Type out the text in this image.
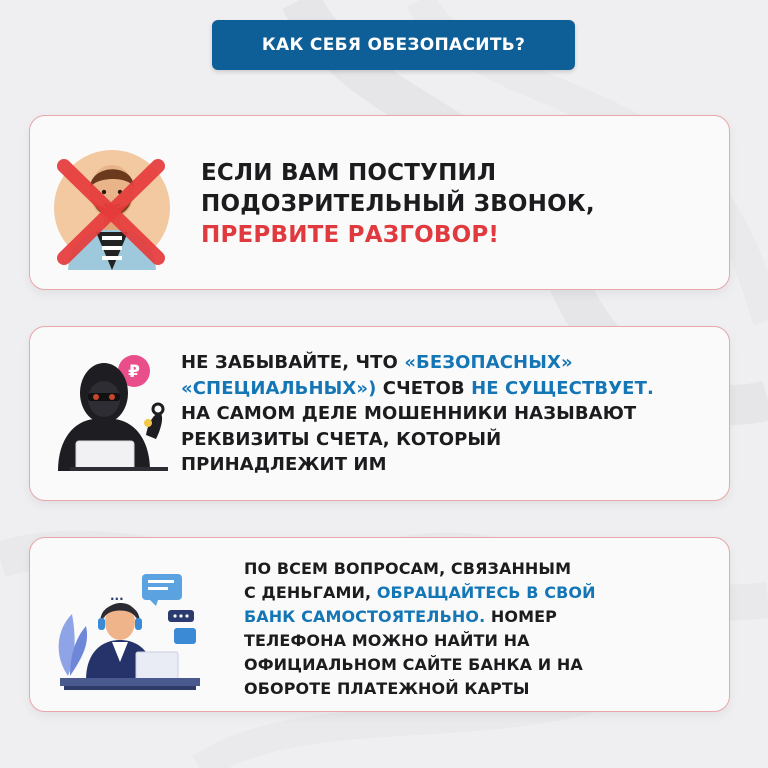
КАК СЕБЯ ОБЕЗОПАСИТЬ?
ЕСЛИ ВАМ ПОСТУПИЛ
ПОДОЗРИТЕЛЬНЫЙ ЗВОНОК,
ПРЕРВИТЕ РАЗГОВОР!
₽ НЕ ЗАБЫВАЙТЕ, ЧТО «БЕЗОПАСНЫХ»
«СПЕЦИАЛЬНЫХ») СЧЕТОВ НЕ СУЩЕСТВУЕТ.
НА САМОМ ДЕЛЕ МОШЕННИКИ НАЗЫВАЮТ
РЕКВИЗИТЫ СЧЕТА, КОТОРЫЙ
ПРИНАДЛЕЖИТ ИМ
...
ПО ВСЕМ ВОПРОСАМ, СВЯЗАННЫМ
С ДЕНЬГАМИ, ОБРАЩАЙТЕСЬ В СВОЙ
БАНК САМОСТОЯТЕЛЬНО. НОМЕР
ТЕЛЕФОНА МОЖНО НАЙТИ НА
ОФИЦИАЛЬНОМ САЙТЕ БАНКА И НА
ОБОРОТЕ ПЛАТЕЖНОЙ КАРТЫ
